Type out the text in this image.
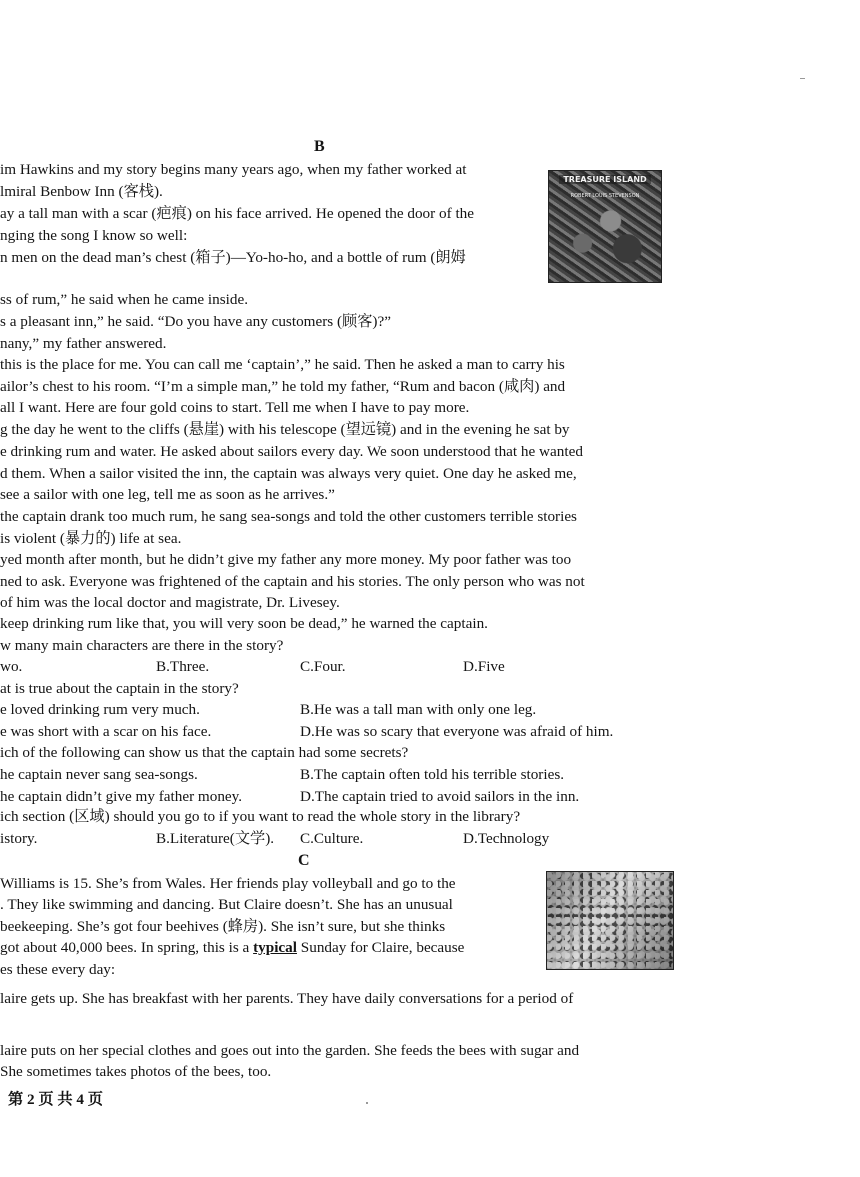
B
im Hawkins and my story begins many years ago, when my father worked at
lmiral Benbow Inn (客栈).
ay a tall man with a scar (疤痕) on his face arrived. He opened the door of the
nging the song I know so well:
n men on the dead man’s chest (箱子)—Yo-ho-ho, and a bottle of rum (朗姆
ss of rum,” he said when he came inside.
s a pleasant inn,” he said. “Do you have any customers (顾客)?”
nany,” my father answered.
this is the place for me. You can call me ‘captain’,” he said. Then he asked a man to carry his
ailor’s chest to his room. “I’m a simple man,” he told my father, “Rum and bacon (咸肉) and
all I want. Here are four gold coins to start. Tell me when I have to pay more.
g the day he went to the cliffs (悬崖) with his telescope (望远镜) and in the evening he sat by
e drinking rum and water. He asked about sailors every day. We soon understood that he wanted
d them. When a sailor visited the inn, the captain was always very quiet. One day he asked me,
see a sailor with one leg, tell me as soon as he arrives.”
the captain drank too much rum, he sang sea-songs and told the other customers terrible stories
is violent (暴力的) life at sea.
yed month after month, but he didn’t give my father any more money. My poor father was too
ned to ask. Everyone was frightened of the captain and his stories. The only person who was not
of him was the local doctor and magistrate, Dr. Livesey.
keep drinking rum like that, you will very soon be dead,” he warned the captain.
TREASURE ISLAND
ROBERT LOUIS STEVENSON
w many main characters are there in the story?
wo.	B.Three.	C.Four.	D.Five
at is true about the captain in the story?
e loved drinking rum very much.	B.He was a tall man with only one leg.
e was short with a scar on his face.	D.He was so scary that everyone was afraid of him.
ich of the following can show us that the captain had some secrets?
he captain never sang sea-songs.	B.The captain often told his terrible stories.
he captain didn’t give my father money.	D.The captain tried to avoid sailors in the inn.
ich section (区域) should you go to if you want to read the whole story in the library?
istory.	B.Literature(文学). C.Culture.	D.Technology
C
Williams is 15. She’s from Wales. Her friends play volleyball and go to the
. They like swimming and dancing. But Claire doesn’t. She has an unusual
beekeeping. She’s got four beehives (蜂房). She isn’t sure, but she thinks
got about 40,000 bees. In spring, this is a typical Sunday for Claire, because
es these every day:
laire gets up. She has breakfast with her parents. They have daily conversations for a period of
laire puts on her special clothes and goes out into the garden. She feeds the bees with sugar and
She sometimes takes photos of the bees, too.
第 2 页 共 4 页
